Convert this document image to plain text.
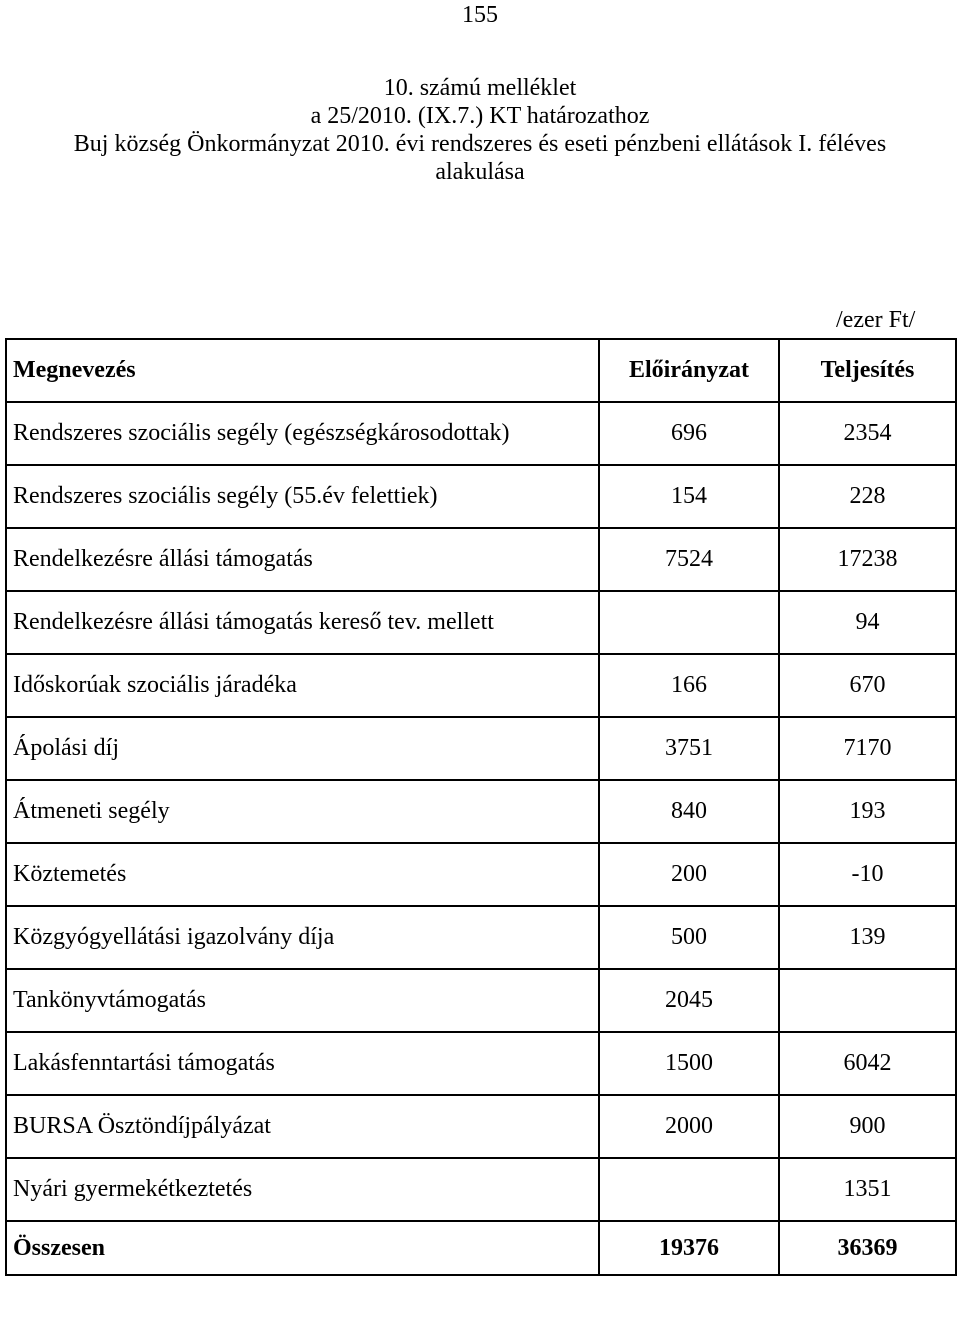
155
10. számú melléklet
a 25/2010. (IX.7.) KT határozathoz
Buj község Önkormányzat 2010. évi rendszeres és eseti pénzbeni ellátások I. féléves
alakulása
/ezer Ft/
Megnevezés	Előirányzat	Teljesítés
Rendszeres szociális segély (egészségkárosodottak)	696	2354
Rendszeres szociális segély (55.év felettiek)	154	228
Rendelkezésre állási támogatás	7524	17238
Rendelkezésre állási támogatás kereső tev. mellett		94
Időskorúak szociális járadéka	166	670
Ápolási díj	3751	7170
Átmeneti segély	840	193
Köztemetés	200	-10
Közgyógyellátási igazolvány díja	500	139
Tankönyvtámogatás	2045	
Lakásfenntartási támogatás	1500	6042
BURSA Ösztöndíjpályázat	2000	900
Nyári gyermekétkeztetés		1351
Összesen	19376	36369
